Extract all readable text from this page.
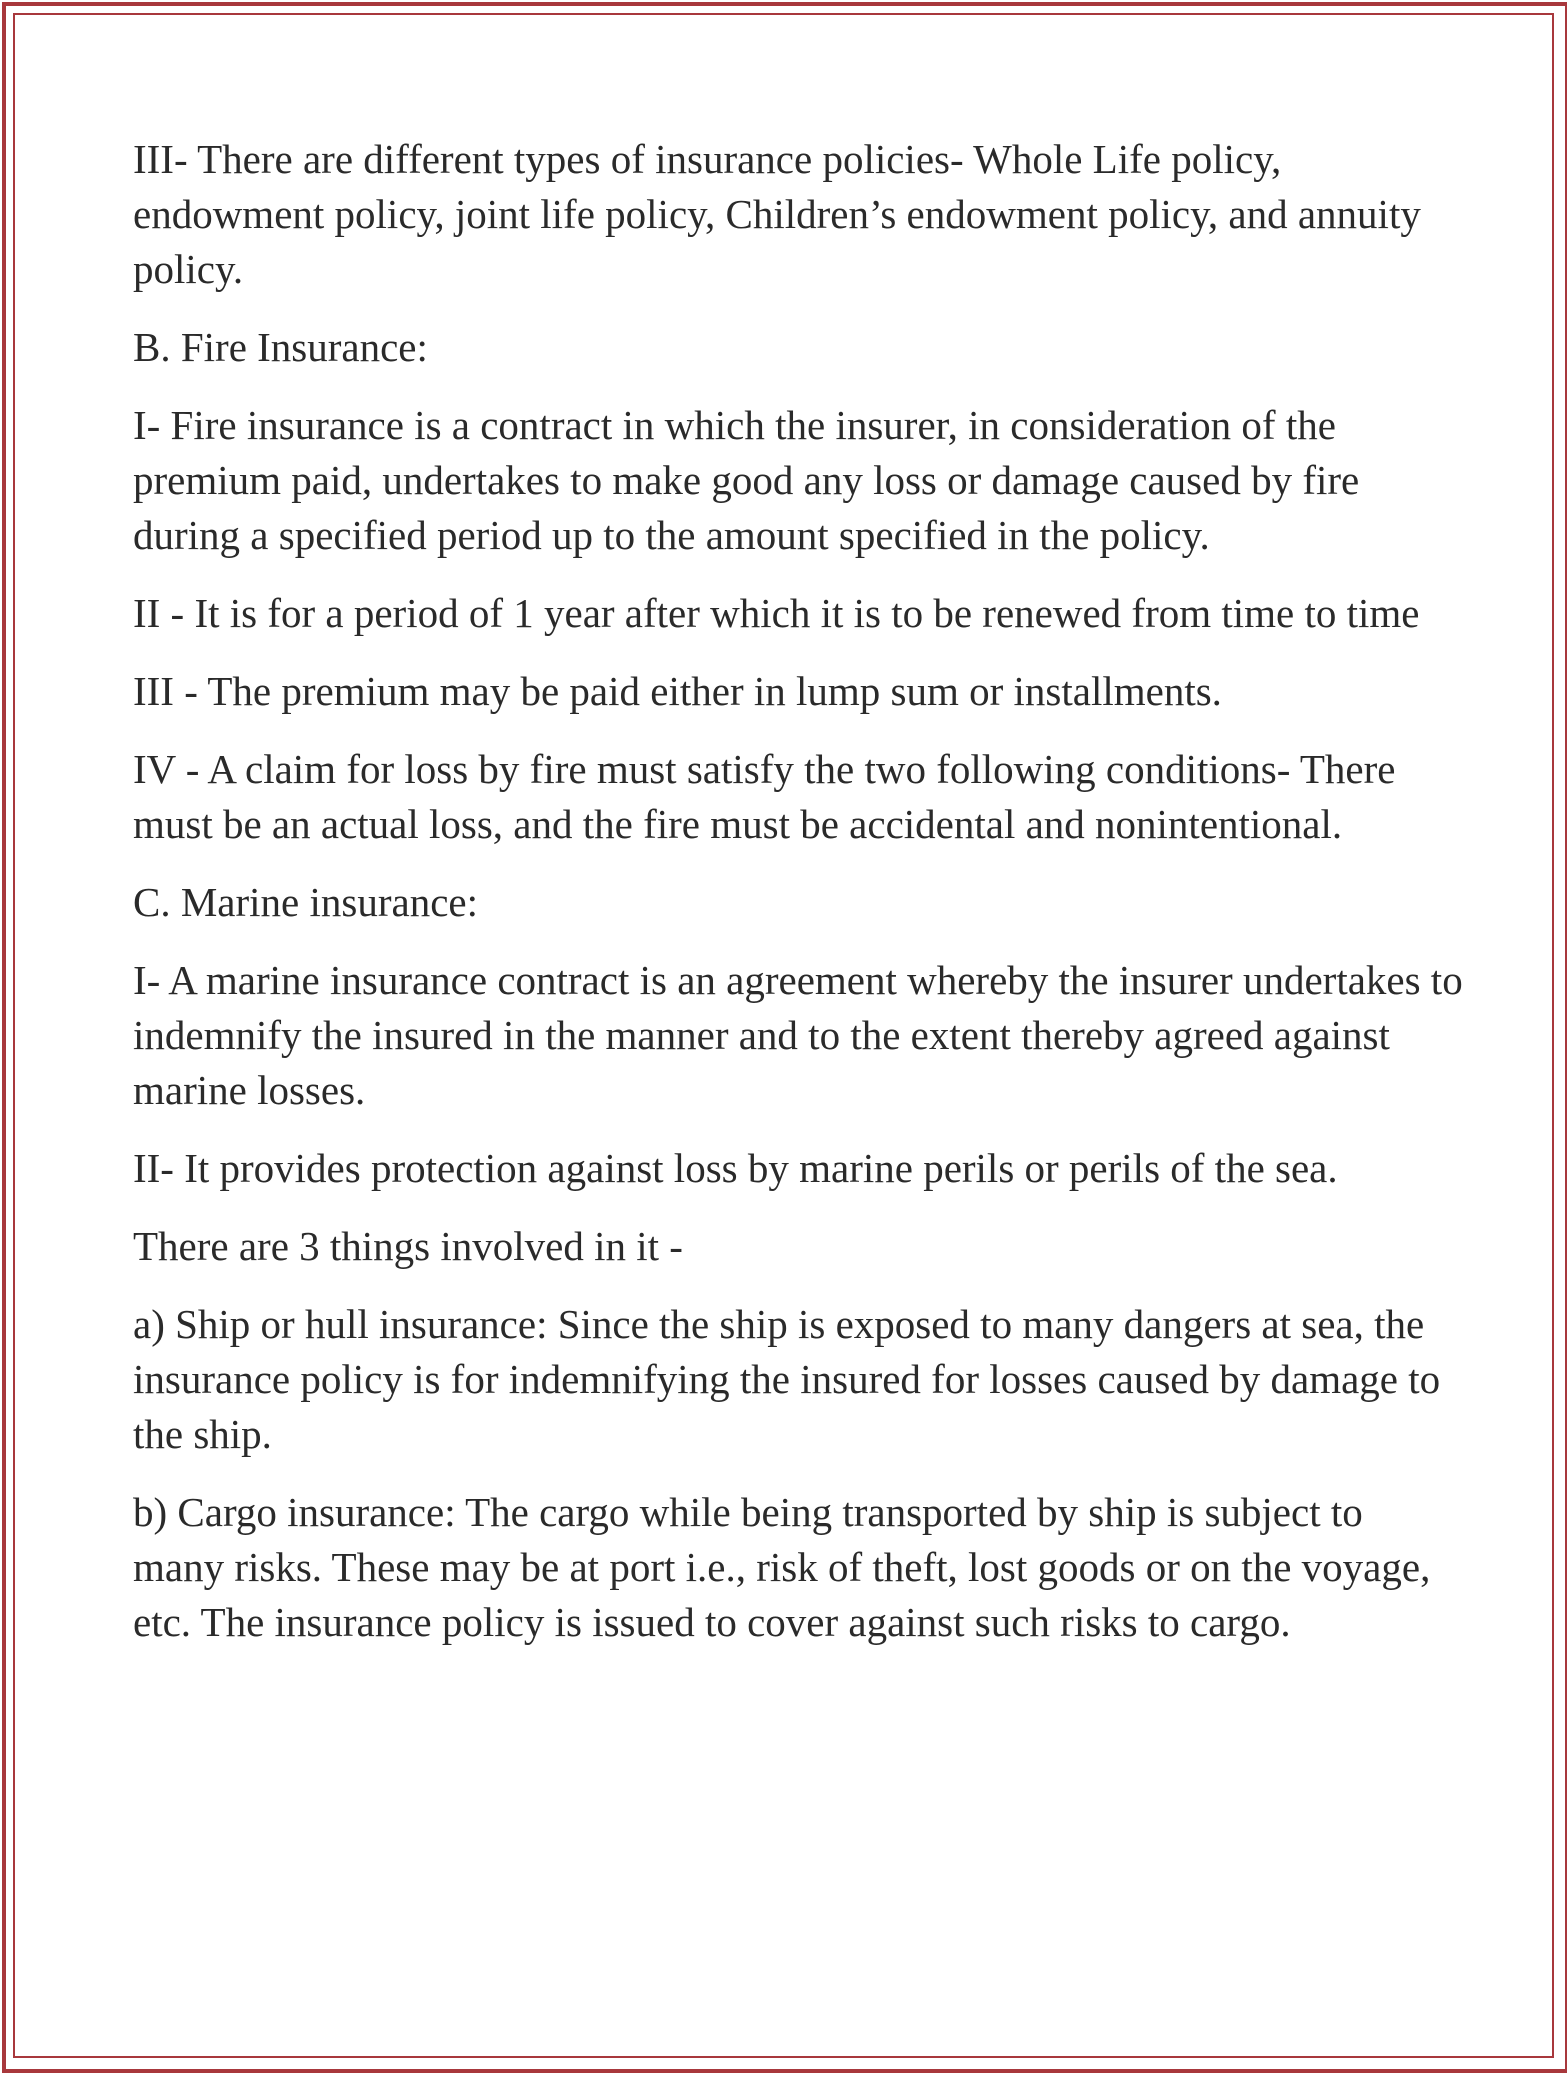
III- There are different types of insurance policies- Whole Life policy, endowment policy, joint life policy, Children’s endowment policy, and annuity policy.

B. Fire Insurance:

I- Fire insurance is a contract in which the insurer, in consideration of the premium paid, undertakes to make good any loss or damage caused by fire during a specified period up to the amount specified in the policy.

II - It is for a period of 1 year after which it is to be renewed from time to time

III - The premium may be paid either in lump sum or installments.

IV - A claim for loss by fire must satisfy the two following conditions- There must be an actual loss, and the fire must be accidental and nonintentional.

C. Marine insurance:

I- A marine insurance contract is an agreement whereby the insurer undertakes to indemnify the insured in the manner and to the extent thereby agreed against marine losses.

II- It provides protection against loss by marine perils or perils of the sea.

There are 3 things involved in it -

a) Ship or hull insurance: Since the ship is exposed to many dangers at sea, the insurance policy is for indemnifying the insured for losses caused by damage to the ship.

b) Cargo insurance: The cargo while being transported by ship is subject to many risks. These may be at port i.e., risk of theft, lost goods or on the voyage, etc. The insurance policy is issued to cover against such risks to cargo.
